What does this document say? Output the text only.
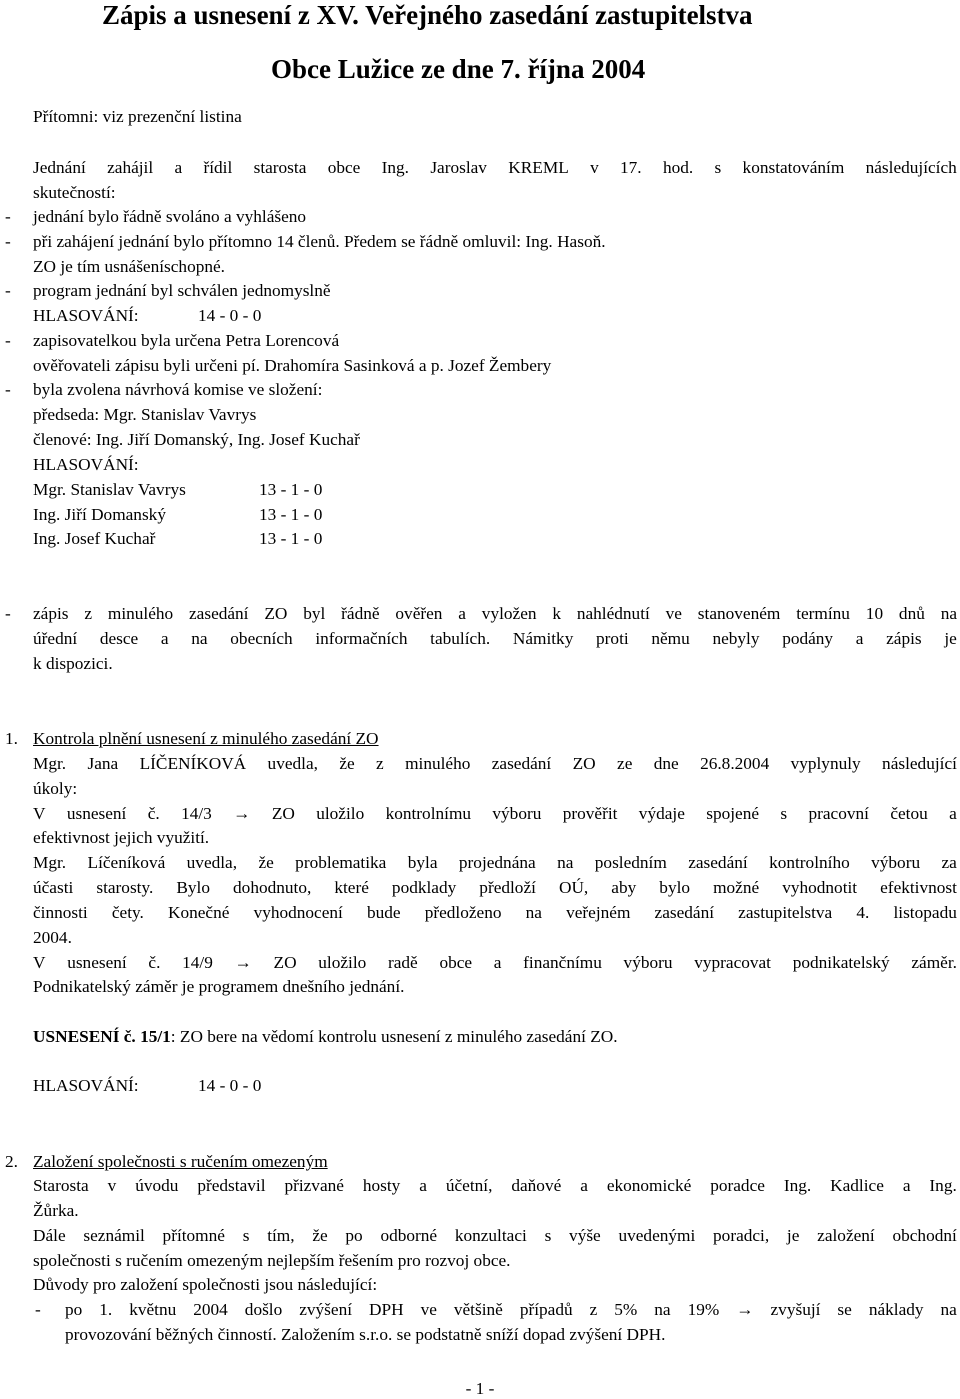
Zápis a usnesení z XV. Veřejného zasedání zastupitelstva
Obce Lužice ze dne 7. října 2004
Přítomni: viz prezenční listina
Jednání zahájil a řídil starosta obce Ing. Jaroslav KREML v 17. hod. s konstatováním následujících
skutečností:
- jednání bylo řádně svoláno a vyhlášeno
- při zahájení jednání bylo přítomno 14 členů. Předem se řádně omluvil: Ing. Hasoň.
ZO je tím usnášeníschopné.
- program jednání byl schválen jednomyslně
HLASOVÁNÍ:	14 - 0 - 0
- zapisovatelkou byla určena Petra Lorencová
ověřovateli zápisu byli určeni pí. Drahomíra Sasinková a p. Jozef Žembery
- byla zvolena návrhová komise ve složení:
předseda: Mgr. Stanislav Vavrys
členové: Ing. Jiří Domanský, Ing. Josef Kuchař
HLASOVÁNÍ:
Mgr. Stanislav Vavrys	13 - 1 - 0
Ing. Jiří Domanský	13 - 1 - 0
Ing. Josef Kuchař	13 - 1 - 0
- zápis z minulého zasedání ZO byl řádně ověřen a vyložen k nahlédnutí ve stanoveném termínu 10 dnů na
úřední desce a na obecních informačních tabulích. Námitky proti němu nebyly podány a zápis je
k dispozici.
1. Kontrola plnění usnesení z minulého zasedání ZO
Mgr. Jana LÍČENÍKOVÁ uvedla, že z minulého zasedání ZO ze dne 26.8.2004 vyplynuly následující
úkoly:
V usnesení č. 14/3 → ZO uložilo kontrolnímu výboru prověřit výdaje spojené s pracovní četou a
efektivnost jejich využití.
Mgr. Líčeníková uvedla, že problematika byla projednána na posledním zasedání kontrolního výboru za
účasti starosty. Bylo dohodnuto, které podklady předloží OÚ, aby bylo možné vyhodnotit efektivnost
činnosti čety. Konečné vyhodnocení bude předloženo na veřejném zasedání zastupitelstva 4. listopadu
2004.
V usnesení č. 14/9 → ZO uložilo radě obce a finančnímu výboru vypracovat podnikatelský záměr.
Podnikatelský záměr je programem dnešního jednání.
USNESENÍ č. 15/1: ZO bere na vědomí kontrolu usnesení z minulého zasedání ZO.
HLASOVÁNÍ:	14 - 0 - 0
2. Založení společnosti s ručením omezeným
Starosta v úvodu představil přizvané hosty a účetní, daňové a ekonomické poradce Ing. Kadlice a Ing.
Žůrka.
Dále seznámil přítomné s tím, že po odborné konzultaci s výše uvedenými poradci, je založení obchodní
společnosti s ručením omezeným nejlepším řešením pro rozvoj obce.
Důvody pro založení společnosti jsou následující:
- po 1. květnu 2004 došlo zvýšení DPH ve většině případů z 5% na 19% → zvyšují se náklady na
provozování běžných činností. Založením s.r.o. se podstatně sníží dopad zvýšení DPH.
- 1 -
